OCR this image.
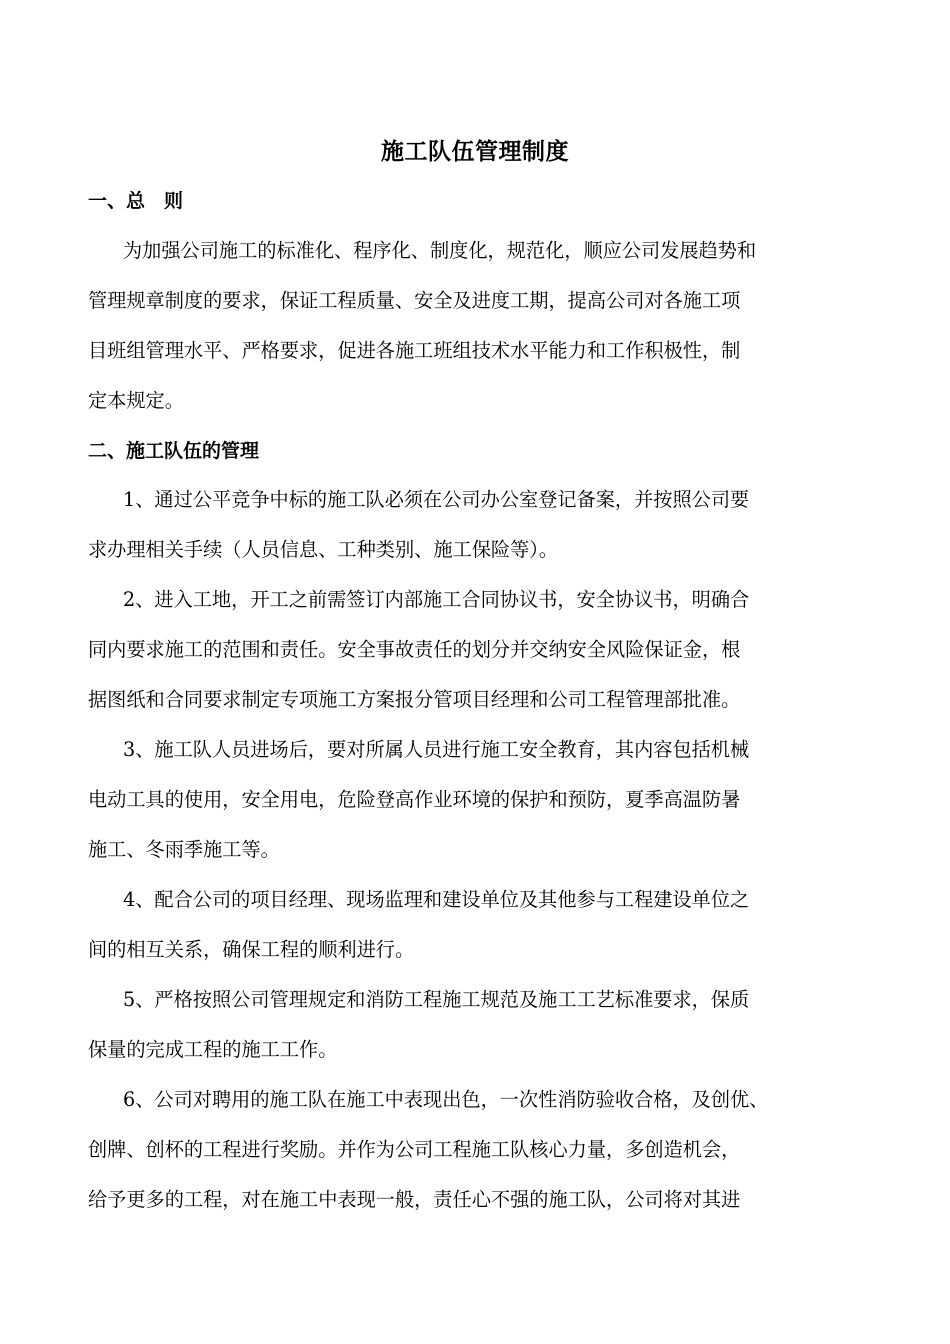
施工队伍管理制度
一、总　则
为加强公司施工的标准化、程序化、制度化，规范化，顺应公司发展趋势和
管理规章制度的要求，保证工程质量、安全及进度工期，提高公司对各施工项
目班组管理水平、严格要求，促进各施工班组技术水平能力和工作积极性，制
定本规定。
二、施工队伍的管理
1、通过公平竞争中标的施工队必须在公司办公室登记备案，并按照公司要
求办理相关手续（人员信息、工种类别、施工保险等）。
2、进入工地，开工之前需签订内部施工合同协议书，安全协议书，明确合
同内要求施工的范围和责任。安全事故责任的划分并交纳安全风险保证金，根
据图纸和合同要求制定专项施工方案报分管项目经理和公司工程管理部批准。
3、施工队人员进场后，要对所属人员进行施工安全教育，其内容包括机械
电动工具的使用，安全用电，危险登高作业环境的保护和预防，夏季高温防暑
施工、冬雨季施工等。
4、配合公司的项目经理、现场监理和建设单位及其他参与工程建设单位之
间的相互关系，确保工程的顺利进行。
5、严格按照公司管理规定和消防工程施工规范及施工工艺标准要求，保质
保量的完成工程的施工工作。
6、公司对聘用的施工队在施工中表现出色，一次性消防验收合格，及创优、
创牌、创杯的工程进行奖励。并作为公司工程施工队核心力量，多创造机会，
给予更多的工程，对在施工中表现一般，责任心不强的施工队，公司将对其进
